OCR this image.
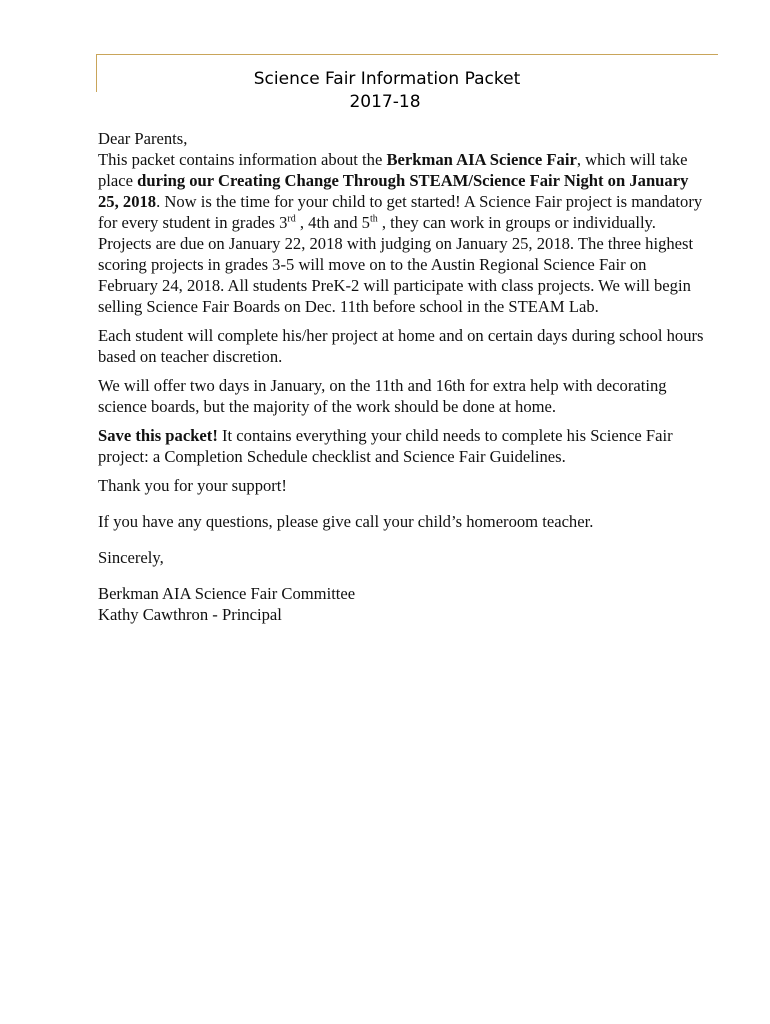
Science Fair Information Packet
2017-18

Dear Parents,

This packet contains information about the Berkman AIA Science Fair, which will take place during our Creating Change Through STEAM/Science Fair Night on January 25, 2018. Now is the time for your child to get started! A Science Fair project is mandatory for every student in grades 3rd , 4th and 5th , they can work in groups or individually. Projects are due on January 22, 2018 with judging on January 25, 2018. The three highest scoring projects in grades 3-5 will move on to the Austin Regional Science Fair on February 24, 2018. All students PreK-2 will participate with class projects. We will begin selling Science Fair Boards on Dec. 11th before school in the STEAM Lab.

Each student will complete his/her project at home and on certain days during school hours based on teacher discretion.

We will offer two days in January, on the 11th and 16th for extra help with decorating science boards, but the majority of the work should be done at home.

Save this packet! It contains everything your child needs to complete his Science Fair project: a Completion Schedule checklist and Science Fair Guidelines.

Thank you for your support!

If you have any questions, please give call your child’s homeroom teacher.

Sincerely,

Berkman AIA Science Fair Committee

Kathy Cawthron - Principal
